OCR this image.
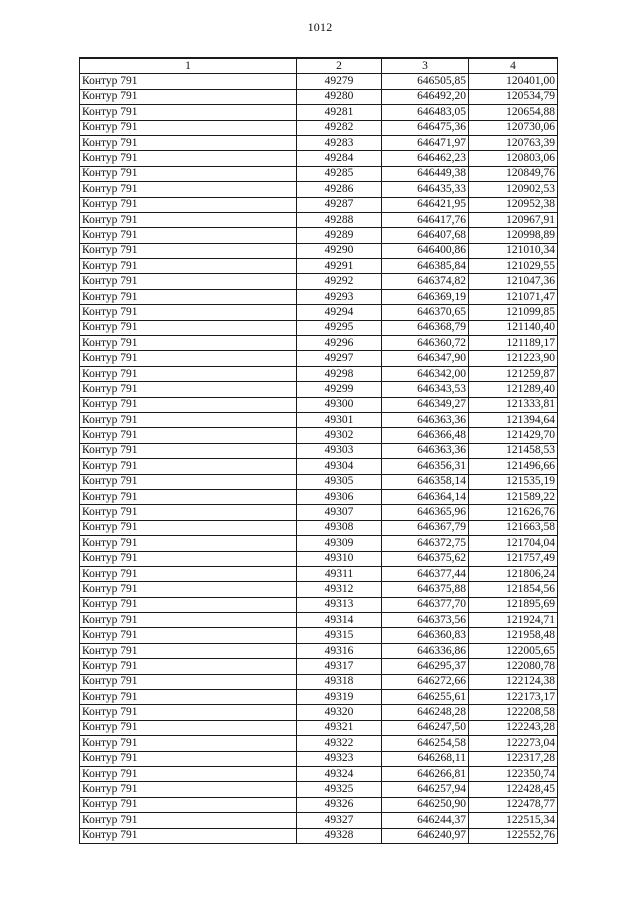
1012
1	2	3	4
Контур 791	49279	646505,85	120401,00
Контур 791	49280	646492,20	120534,79
Контур 791	49281	646483,05	120654,88
Контур 791	49282	646475,36	120730,06
Контур 791	49283	646471,97	120763,39
Контур 791	49284	646462,23	120803,06
Контур 791	49285	646449,38	120849,76
Контур 791	49286	646435,33	120902,53
Контур 791	49287	646421,95	120952,38
Контур 791	49288	646417,76	120967,91
Контур 791	49289	646407,68	120998,89
Контур 791	49290	646400,86	121010,34
Контур 791	49291	646385,84	121029,55
Контур 791	49292	646374,82	121047,36
Контур 791	49293	646369,19	121071,47
Контур 791	49294	646370,65	121099,85
Контур 791	49295	646368,79	121140,40
Контур 791	49296	646360,72	121189,17
Контур 791	49297	646347,90	121223,90
Контур 791	49298	646342,00	121259,87
Контур 791	49299	646343,53	121289,40
Контур 791	49300	646349,27	121333,81
Контур 791	49301	646363,36	121394,64
Контур 791	49302	646366,48	121429,70
Контур 791	49303	646363,36	121458,53
Контур 791	49304	646356,31	121496,66
Контур 791	49305	646358,14	121535,19
Контур 791	49306	646364,14	121589,22
Контур 791	49307	646365,96	121626,76
Контур 791	49308	646367,79	121663,58
Контур 791	49309	646372,75	121704,04
Контур 791	49310	646375,62	121757,49
Контур 791	49311	646377,44	121806,24
Контур 791	49312	646375,88	121854,56
Контур 791	49313	646377,70	121895,69
Контур 791	49314	646373,56	121924,71
Контур 791	49315	646360,83	121958,48
Контур 791	49316	646336,86	122005,65
Контур 791	49317	646295,37	122080,78
Контур 791	49318	646272,66	122124,38
Контур 791	49319	646255,61	122173,17
Контур 791	49320	646248,28	122208,58
Контур 791	49321	646247,50	122243,28
Контур 791	49322	646254,58	122273,04
Контур 791	49323	646268,11	122317,28
Контур 791	49324	646266,81	122350,74
Контур 791	49325	646257,94	122428,45
Контур 791	49326	646250,90	122478,77
Контур 791	49327	646244,37	122515,34
Контур 791	49328	646240,97	122552,76
